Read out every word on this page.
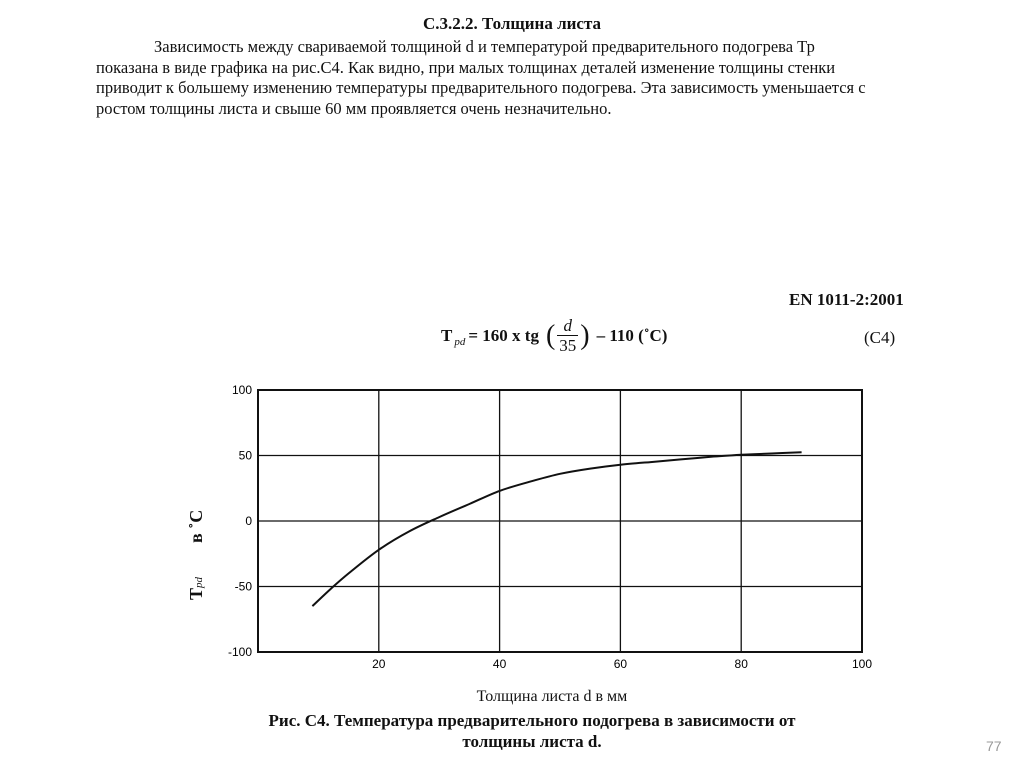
С.3.2.2. Толщина листа

Зависимость между свариваемой толщиной d и температурой предварительного подогрева Тр показана в виде графика на рис.С4. Как видно, при малых толщинах деталей изменение толщины стенки приводит к большему изменению температуры предварительного подогрева. Эта зависимость уменьшается с ростом толщины листа и свыше 60 мм проявляется очень незначительно.

EN 1011-2:2001
T pd = 160 x tg ( $\frac{d}{35}$ ) – 110 (˚C)	(С4)
20	40	60	80	100
100
50
0
-50
-100
Tpdв ˚С
Толщина листа d в мм
Рис. С4. Температура предварительного подогрева в зависимости от
толщины листа d.	77
